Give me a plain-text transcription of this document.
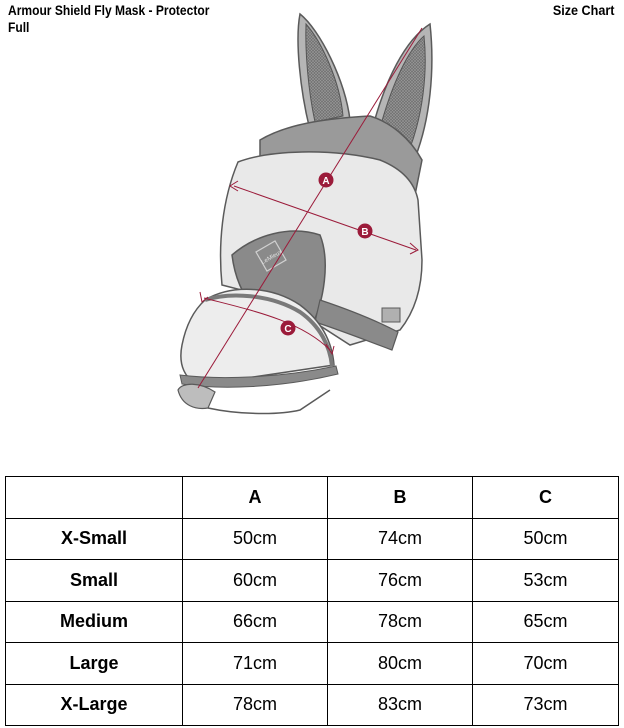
Armour Shield Fly Mask - Protector Full
Size Chart
LeMieux
A
B
C
	A	B	C
X-Small	50cm	74cm	50cm
Small	60cm	76cm	53cm
Medium	66cm	78cm	65cm
Large	71cm	80cm	70cm
X-Large	78cm	83cm	73cm
